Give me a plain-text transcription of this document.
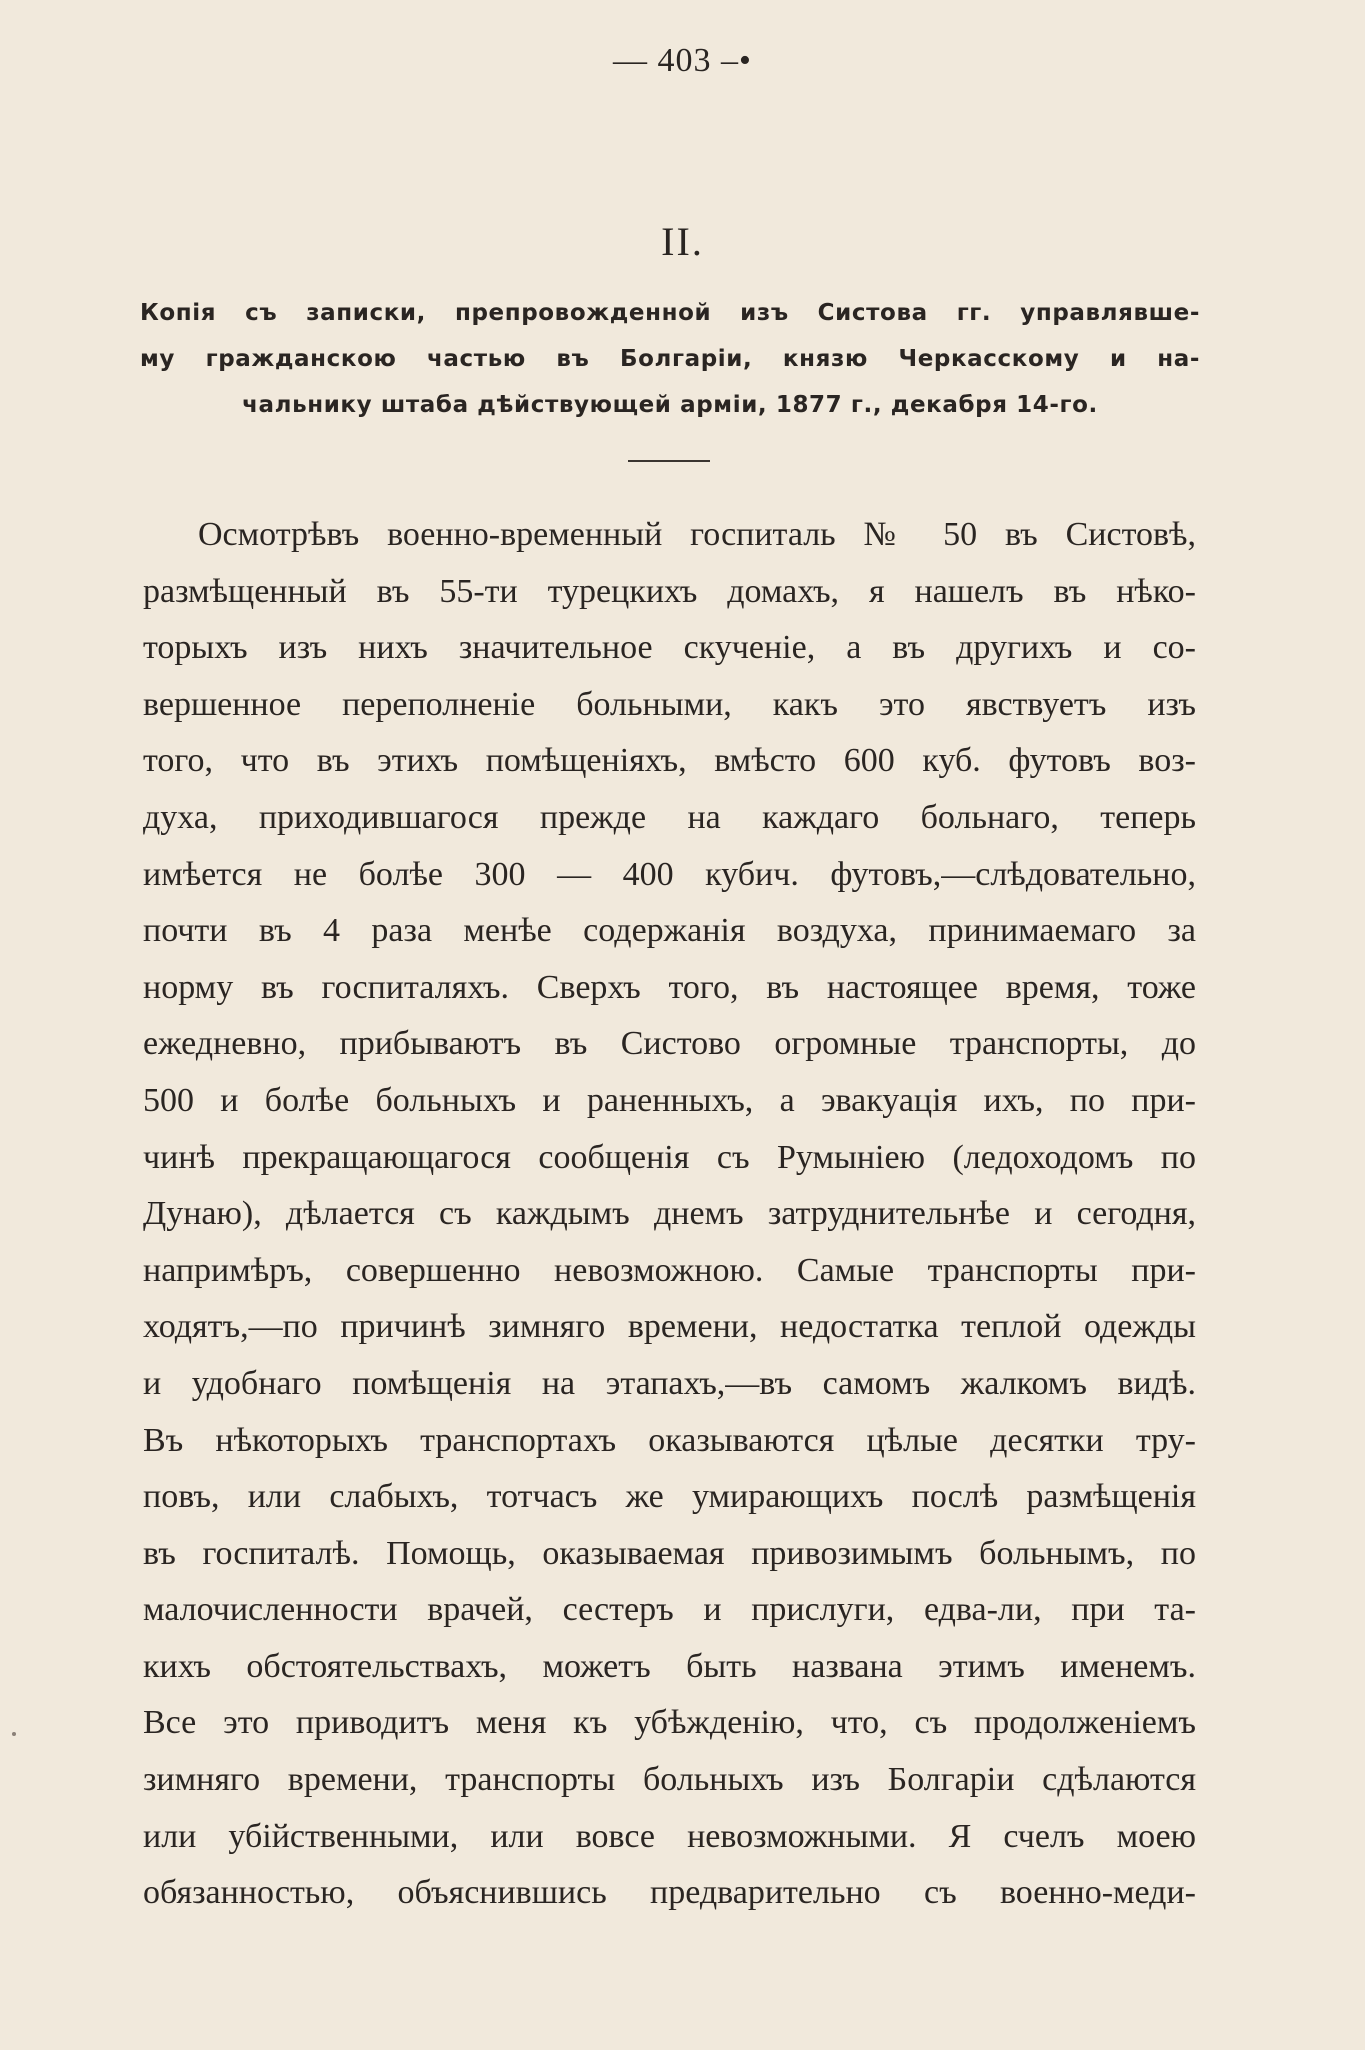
— 403 –•
II.
Копія съ записки, препровожденной изъ Систова гг. управлявше-
му гражданскою частью въ Болгаріи, князю Черкасскому и на-
чальнику штаба дѣйствующей арміи, 1877 г., декабря 14-го.
Осмотрѣвъ военно-временный госпиталь № 50 въ Систовѣ,
размѣщенный въ 55-ти турецкихъ домахъ, я нашелъ въ нѣко-
торыхъ изъ нихъ значительное скученіе, а въ другихъ и со-
вершенное переполненіе больными, какъ это явствуетъ изъ
того, что въ этихъ помѣщеніяхъ, вмѣсто 600 куб. футовъ воз-
духа, приходившагося прежде на каждаго больнаго, теперь
имѣется не болѣе 300 — 400 кубич. футовъ,—слѣдовательно,
почти въ 4 раза менѣе содержанія воздуха, принимаемаго за
норму въ госпиталяхъ. Сверхъ того, въ настоящее время, тоже
ежедневно, прибываютъ въ Систово огромные транспорты, до
500 и болѣе больныхъ и раненныхъ, а эвакуація ихъ, по при-
чинѣ прекращающагося сообщенія съ Румыніею (ледоходомъ по
Дунаю), дѣлается съ каждымъ днемъ затруднительнѣе и сегодня,
напримѣръ, совершенно невозможною. Самые транспорты при-
ходятъ,—по причинѣ зимняго времени, недостатка теплой одежды
и удобнаго помѣщенія на этапахъ,—въ самомъ жалкомъ видѣ.
Въ нѣкоторыхъ транспортахъ оказываются цѣлые десятки тру-
повъ, или слабыхъ, тотчасъ же умирающихъ послѣ размѣщенія
въ госпиталѣ. Помощь, оказываемая привозимымъ больнымъ, по
малочисленности врачей, сестеръ и прислуги, едва-ли, при та-
кихъ обстоятельствахъ, можетъ быть названа этимъ именемъ.
Все это приводитъ меня къ убѣжденію, что, съ продолженіемъ
зимняго времени, транспорты больныхъ изъ Болгаріи сдѣлаются
или убійственными, или вовсе невозможными. Я счелъ моею
обязанностью, объяснившись предварительно съ военно-меди-
